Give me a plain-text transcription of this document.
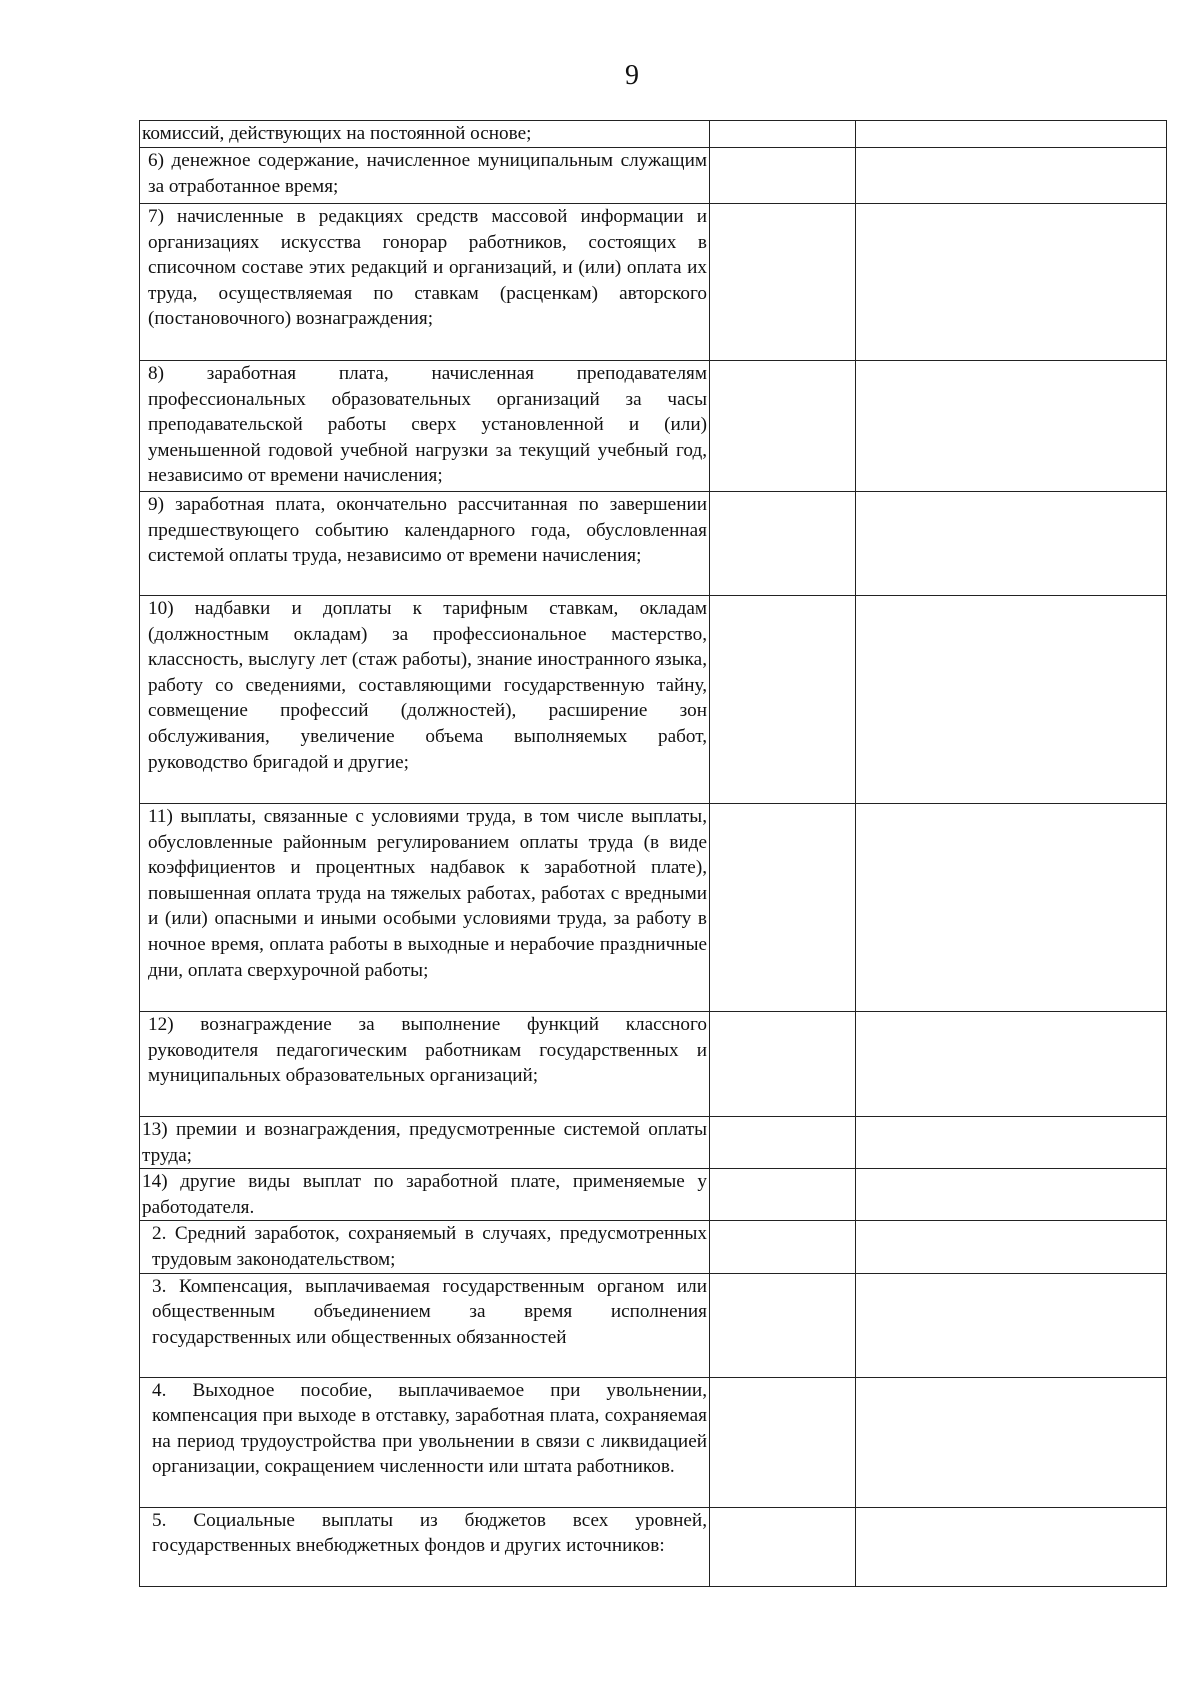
9
комиссий, действующих на постоянной основе;		
6) денежное содержание, начисленное муниципальным служащим за отработанное время;		
7) начисленные в редакциях средств массовой информации и организациях искусства гонорар работников, состоящих в списочном составе этих редакций и организаций, и (или) оплата их труда, осуществляемая по ставкам (расценкам) авторского (постановочного) вознаграждения;		
8) заработная плата, начисленная преподавателям профессиональных образовательных организаций за часы преподавательской работы сверх установленной и (или) уменьшенной годовой учебной нагрузки за текущий учебный год, независимо от времени начисления;		
9) заработная плата, окончательно рассчитанная по завершении предшествующего событию календарного года, обусловленная системой оплаты труда, независимо от времени начисления;		
10) надбавки и доплаты к тарифным ставкам, окладам (должностным окладам) за профессиональное мастерство, классность, выслугу лет (стаж работы), знание иностранного языка, работу со сведениями, составляющими государственную тайну, совмещение профессий (должностей), расширение зон обслуживания, увеличение объема выполняемых работ, руководство бригадой и другие;		
11) выплаты, связанные с условиями труда, в том числе выплаты, обусловленные районным регулированием оплаты труда (в виде коэффициентов и процентных надбавок к заработной плате), повышенная оплата труда на тяжелых работах, работах с вредными и (или) опасными и иными особыми условиями труда, за работу в ночное время, оплата работы в выходные и нерабочие праздничные дни, оплата сверхурочной работы;		
12) вознаграждение за выполнение функций классного руководителя педагогическим работникам государственных и муниципальных образовательных организаций;		
13) премии и вознаграждения, предусмотренные системой оплаты труда;		
14) другие виды выплат по заработной плате, применяемые у работодателя.		
2. Средний заработок, сохраняемый в случаях, предусмотренных трудовым законодательством;		
3. Компенсация, выплачиваемая государственным органом или общественным объединением за время исполнения государственных или общественных обязанностей		
4. Выходное пособие, выплачиваемое при увольнении, компенсация при выходе в отставку, заработная плата, сохраняемая на период трудоустройства при увольнении в связи с ликвидацией организации, сокращением численности или штата работников.		
5. Социальные выплаты из бюджетов всех уровней, государственных внебюджетных фондов и других источников:		
